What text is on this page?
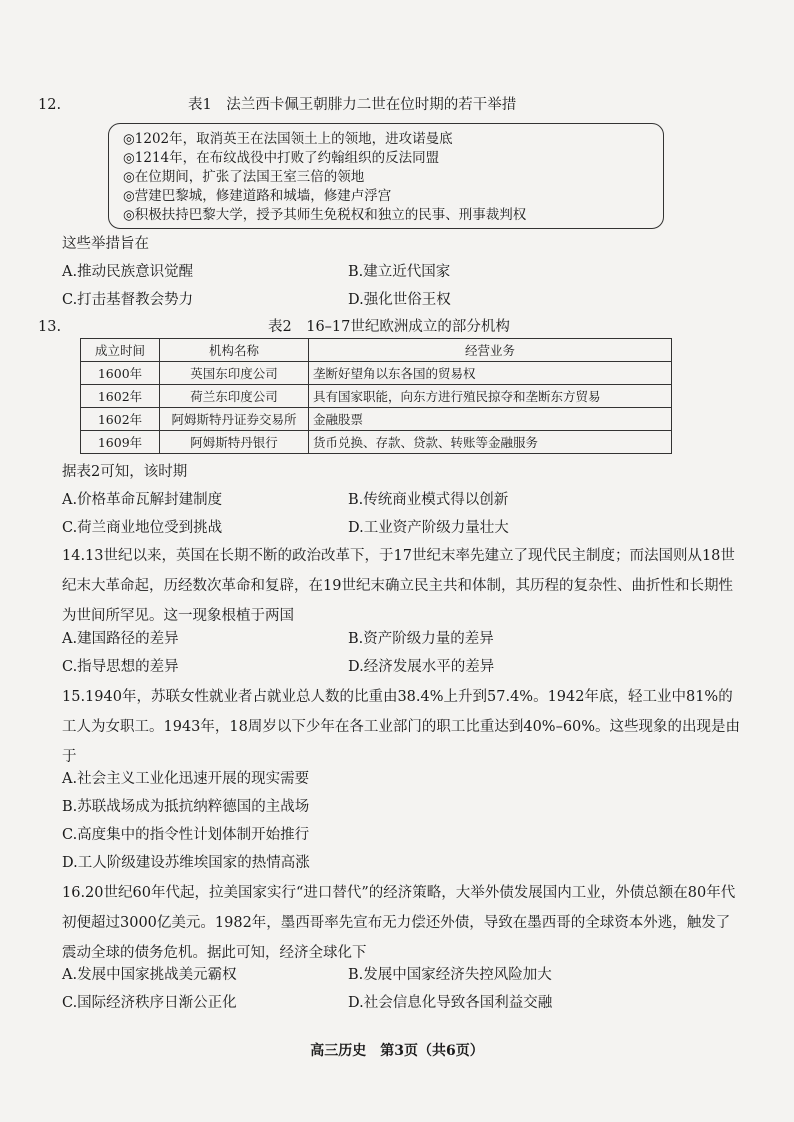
12.	表1　法兰西卡佩王朝腓力二世在位时期的若干举措
◎1202年，取消英王在法国领土上的领地，进攻诺曼底
◎1214年，在布纹战役中打败了约翰组织的反法同盟
◎在位期间，扩张了法国王室三倍的领地
◎营建巴黎城，修建道路和城墙，修建卢浮宫
◎积极扶持巴黎大学，授予其师生免税权和独立的民事、刑事裁判权
这些举措旨在
A.推动民族意识觉醒	B.建立近代国家
C.打击基督教会势力	D.强化世俗王权
13.	表2　16–17世纪欧洲成立的部分机构
成立时间	机构名称	经营业务
1600年	英国东印度公司	垄断好望角以东各国的贸易权
1602年	荷兰东印度公司	具有国家职能，向东方进行殖民掠夺和垄断东方贸易
1602年	阿姆斯特丹证券交易所	金融股票
1609年	阿姆斯特丹银行	货币兑换、存款、贷款、转账等金融服务
据表2可知，该时期
A.价格革命瓦解封建制度	B.传统商业模式得以创新
C.荷兰商业地位受到挑战	D.工业资产阶级力量壮大
14.13世纪以来，英国在长期不断的政治改革下，于17世纪末率先建立了现代民主制度；而法国则从18世纪末大革命起，历经数次革命和复辟，在19世纪末确立民主共和体制，其历程的复杂性、曲折性和长期性为世间所罕见。这一现象根植于两国
A.建国路径的差异	B.资产阶级力量的差异
C.指导思想的差异	D.经济发展水平的差异
15.1940年，苏联女性就业者占就业总人数的比重由38.4%上升到57.4%。1942年底，轻工业中81%的工人为女职工。1943年，18周岁以下少年在各工业部门的职工比重达到40%–60%。这些现象的出现是由于
A.社会主义工业化迅速开展的现实需要
B.苏联战场成为抵抗纳粹德国的主战场
C.高度集中的指令性计划体制开始推行
D.工人阶级建设苏维埃国家的热情高涨
16.20世纪60年代起，拉美国家实行“进口替代”的经济策略，大举外债发展国内工业，外债总额在80年代初便超过3000亿美元。1982年，墨西哥率先宣布无力偿还外债，导致在墨西哥的全球资本外逃，触发了震动全球的债务危机。据此可知，经济全球化下
A.发展中国家挑战美元霸权	B.发展中国家经济失控风险加大
C.国际经济秩序日渐公正化	D.社会信息化导致各国利益交融
高三历史　第3页（共6页）
